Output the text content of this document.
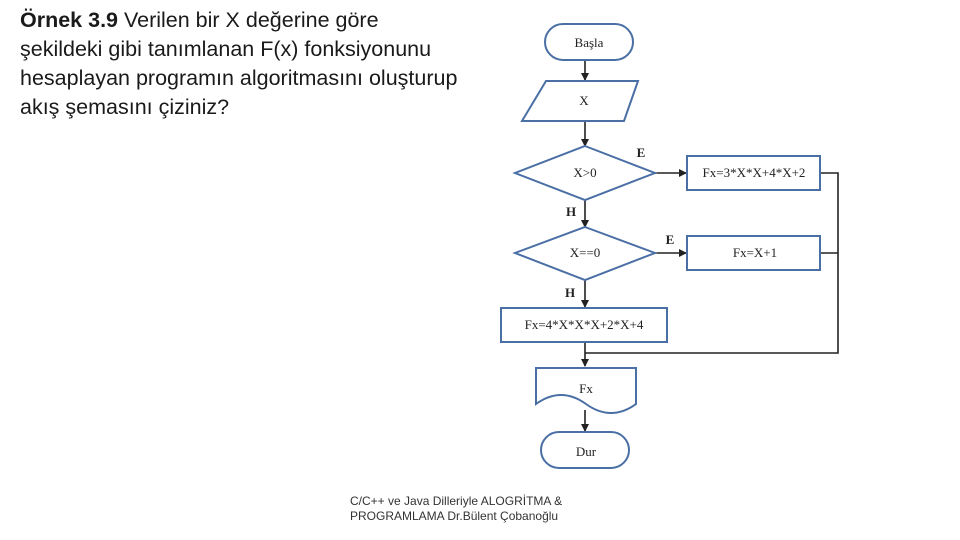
Örnek 3.9 Verilen bir X değerine göre şekildeki gibi tanımlanan F(x) fonksiyonunu hesaplayan programın algoritmasını oluşturup akış şemasını çiziniz?
Başla
X
X>0	Fx=3*X*X+4*X+2
X==0	Fx=X+1
Fx=4*X*X*X+2*X+4
Fx
Dur
E
H
E
H
C/C++ ve Java Dilleriyle ALOGRİTMA &
PROGRAMLAMA Dr.Bülent Çobanoğlu
